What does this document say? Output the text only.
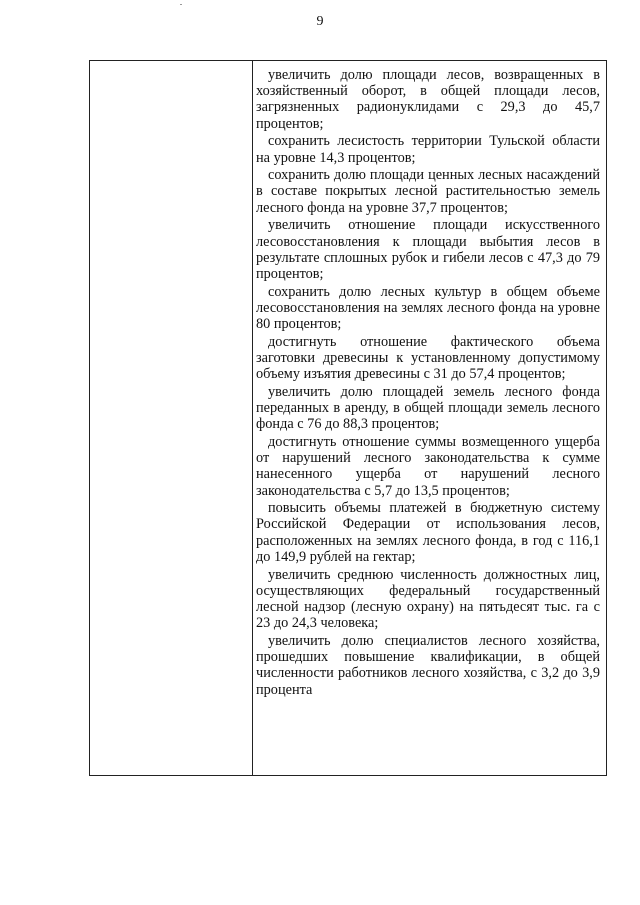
9

увеличить долю площади лесов, возвращенных в хозяйственный оборот, в общей площади лесов, загрязненных радионуклидами с 29,3 до 45,7 процентов;

сохранить лесистость территории Тульской области на уровне 14,3 процентов;

сохранить долю площади ценных лесных насаждений в составе покрытых лесной растительностью земель лесного фонда на уровне 37,7 процентов;

увеличить отношение площади искусственного лесовосстановления к площади выбытия лесов в результате сплошных рубок и гибели лесов с 47,3 до 79 процентов;

сохранить долю лесных культур в общем объеме лесовосстановления на землях лесного фонда на уровне 80 процентов;

достигнуть отношение фактического объема заготовки древесины к установленному допустимому объему изъятия древесины с 31 до 57,4 процентов;

увеличить долю площадей земель лесного фонда переданных в аренду, в общей площади земель лесного фонда с 76 до 88,3 процентов;

достигнуть отношение суммы возмещенного ущерба от нарушений лесного законодательства к сумме нанесенного ущерба от нарушений лесного законодательства с 5,7 до 13,5 процентов;

повысить объемы платежей в бюджетную систему Российской Федерации от использования лесов, расположенных на землях лесного фонда, в год с 116,1 до 149,9 рублей на гектар;

увеличить среднюю численность должностных лиц, осуществляющих федеральный государственный лесной надзор (лесную охрану) на пятьдесят тыс. га с 23 до 24,3 человека;

увеличить долю специалистов лесного хозяйства, прошедших повышение квалификации, в общей численности работников лесного хозяйства, с 3,2 до 3,9 процента
